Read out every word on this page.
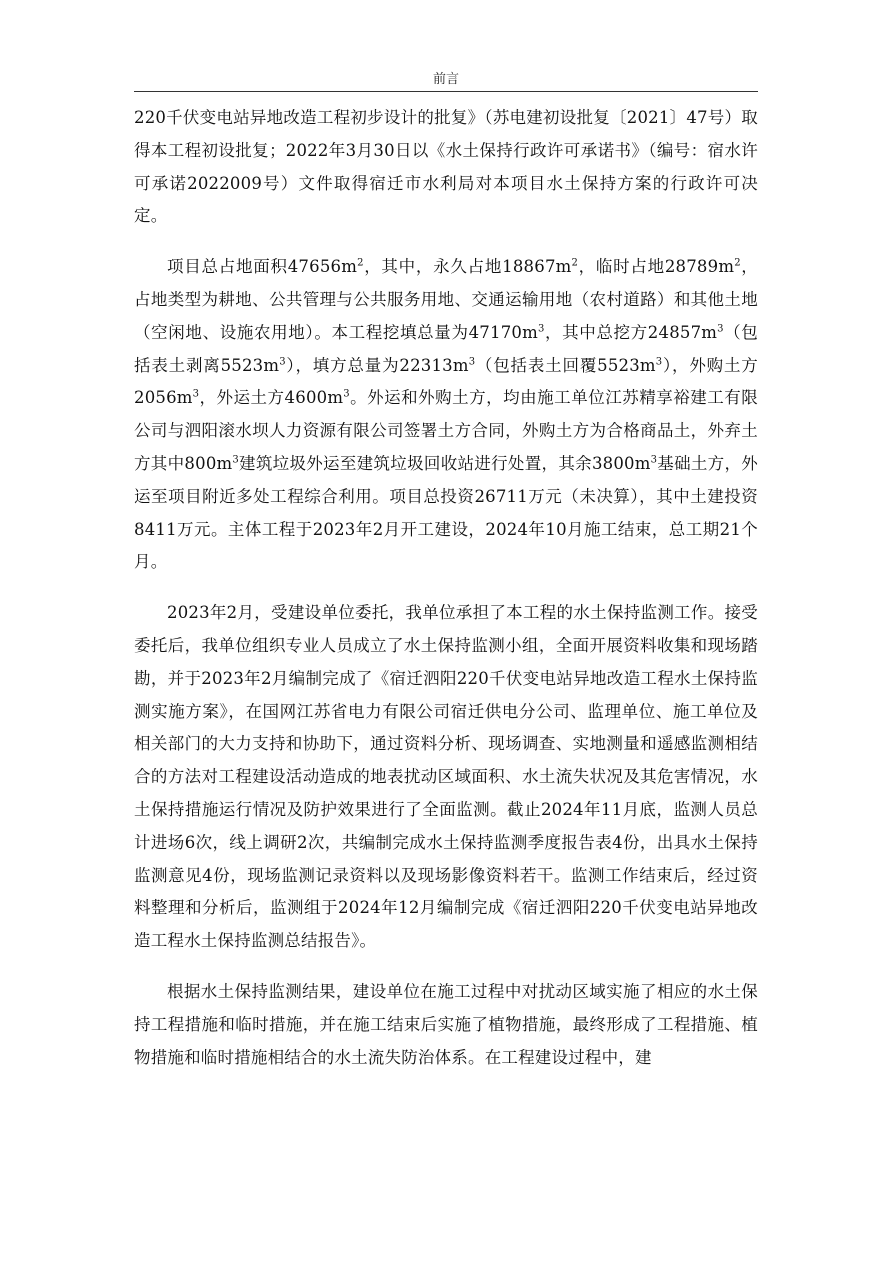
前言

220千伏变电站异地改造工程初步设计的批复》（苏电建初设批复〔2021〕47号）取得本工程初设批复；2022年3月30日以《水土保持行政许可承诺书》（编号：宿水许可承诺2022009号）文件取得宿迁市水利局对本项目水土保持方案的行政许可决定。

项目总占地面积$47656m^2$，其中，永久占地$18867m^2$，临时占地$28789m^2$，占地类型为耕地、公共管理与公共服务用地、交通运输用地（农村道路）和其他土地（空闲地、设施农用地）。本工程挖填总量为$47170m^3$，其中总挖方$24857m^3$（包括表土剥离$5523m^3$），填方总量为$22313m^3$（包括表土回覆$5523m^3$），外购土方$2056m^3$，外运土方$4600m^3$。外运和外购土方，均由施工单位江苏精享裕建工有限公司与泗阳滚水坝人力资源有限公司签署土方合同，外购土方为合格商品土，外弃土方其中$800m^3$建筑垃圾外运至建筑垃圾回收站进行处置，其余$3800m^3$基础土方，外运至项目附近多处工程综合利用。项目总投资26711万元（未决算），其中土建投资8411万元。主体工程于2023年2月开工建设，2024年10月施工结束，总工期21个月。

2023年2月，受建设单位委托，我单位承担了本工程的水土保持监测工作。接受委托后，我单位组织专业人员成立了水土保持监测小组，全面开展资料收集和现场踏勘，并于2023年2月编制完成了《宿迁泗阳220千伏变电站异地改造工程水土保持监测实施方案》，在国网江苏省电力有限公司宿迁供电分公司、监理单位、施工单位及相关部门的大力支持和协助下，通过资料分析、现场调查、实地测量和遥感监测相结合的方法对工程建设活动造成的地表扰动区域面积、水土流失状况及其危害情况，水土保持措施运行情况及防护效果进行了全面监测。截止2024年11月底，监测人员总计进场6次，线上调研2次，共编制完成水土保持监测季度报告表4份，出具水土保持监测意见4份，现场监测记录资料以及现场影像资料若干。监测工作结束后，经过资料整理和分析后，监测组于2024年12月编制完成《宿迁泗阳220千伏变电站异地改造工程水土保持监测总结报告》。

根据水土保持监测结果，建设单位在施工过程中对扰动区域实施了相应的水土保持工程措施和临时措施，并在施工结束后实施了植物措施，最终形成了工程措施、植物措施和临时措施相结合的水土流失防治体系。在工程建设过程中，建
